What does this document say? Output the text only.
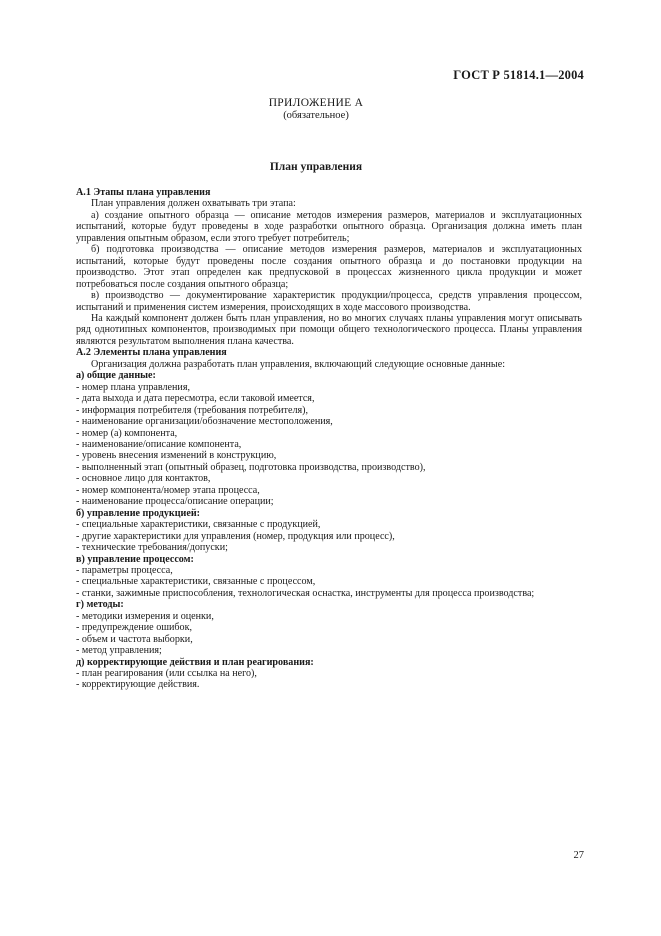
ГОСТ Р 51814.1—2004
ПРИЛОЖЕНИЕ А
(обязательное)
План управления

А.1 Этапы плана управления

План управления должен охватывать три этапа:

а) создание опытного образца — описание методов измерения размеров, материалов и эксплуатационных испытаний, которые будут проведены в ходе разработки опытного образца. Организация должна иметь план управления опытным образом, если этого требует потребитель;

б) подготовка производства — описание методов измерения размеров, материалов и эксплуатационных испытаний, которые будут проведены после создания опытного образца и до постановки продукции на производство. Этот этап определен как предпусковой в процессах жизненного цикла продукции и может потребоваться после создания опытного образца;

в) производство — документирование характеристик продукции/процесса, средств управления процессом, испытаний и применения систем измерения, происходящих в ходе массового производства.

На каждый компонент должен быть план управления, но во многих случаях планы управления могут описывать ряд однотипных компонентов, производимых при помощи общего технологического процесса. Планы управления являются результатом выполнения плана качества.

А.2 Элементы плана управления

Организация должна разработать план управления, включающий следующие основные данные:

а) общие данные:

- номер плана управления,

- дата выхода и дата пересмотра, если таковой имеется,

- информация потребителя (требования потребителя),

- наименование организации/обозначение местоположения,

- номер (а) компонента,

- наименование/описание компонента,

- уровень внесения изменений в конструкцию,

- выполненный этап (опытный образец, подготовка производства, производство),

- основное лицо для контактов,

- номер компонента/номер этапа процесса,

- наименование процесса/описание операции;

б) управление продукцией:

- специальные характеристики, связанные с продукцией,

- другие характеристики для управления (номер, продукция или процесс),

- технические требования/допуски;

в) управление процессом:

- параметры процесса,

- специальные характеристики, связанные с процессом,

- станки, зажимные приспособления, технологическая оснастка, инструменты для процесса производства;

г) методы:

- методики измерения и оценки,

- предупреждение ошибок,

- объем и частота выборки,

- метод управления;

д) корректирующие действия и план реагирования:

- план реагирования (или ссылка на него),

- корректирующие действия.

27
